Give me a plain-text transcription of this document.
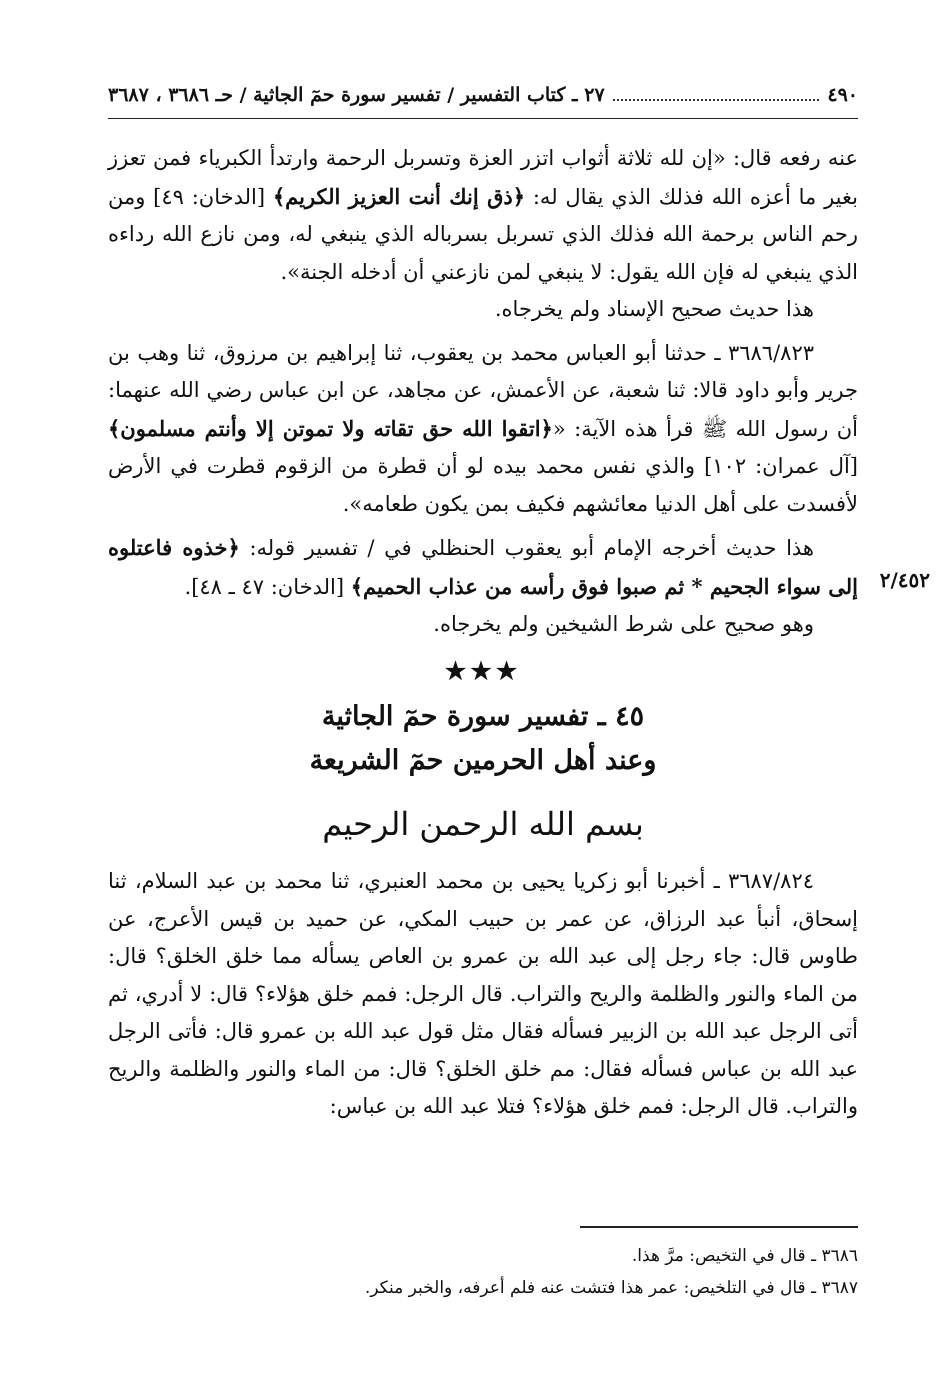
٤٩٠
٢٧ ـ كتاب التفسير / تفسير سورة حمٓ الجاثية / حـ ٣٦٨٦ ، ٣٦٨٧
٢/٤٥٢

عنه رفعه قال: «إن لله ثلاثة أثواب اتزر العزة وتسربل الرحمة وارتدأ الكبرياء فمن تعزز بغير ما أعزه الله فذلك الذي يقال له: ﴿ذق إنك أنت العزيز الكريم﴾ [الدخان: ٤٩] ومن رحم الناس برحمة الله فذلك الذي تسربل بسرباله الذي ينبغي له، ومن نازع الله رداءه الذي ينبغي له فإن الله يقول: لا ينبغي لمن نازعني أن أدخله الجنة».

هذا حديث صحيح الإسناد ولم يخرجاه.

٣٦٨٦/٨٢٣ ـ حدثنا أبو العباس محمد بن يعقوب، ثنا إبراهيم بن مرزوق، ثنا وهب بن جرير وأبو داود قالا: ثنا شعبة، عن الأعمش، عن مجاهد، عن ابن عباس رضي الله عنهما: أن رسول الله ﷺ قرأ هذه الآية: «﴿اتقوا الله حق تقاته ولا تموتن إلا وأنتم مسلمون﴾ [آل عمران: ١٠٢] والذي نفس محمد بيده لو أن قطرة من الزقوم قطرت في الأرض لأفسدت على أهل الدنيا معائشهم فكيف بمن يكون طعامه».

هذا حديث أخرجه الإمام أبو يعقوب الحنظلي في / تفسير قوله: ﴿خذوه فاعتلوه إلى سواء الجحيم * ثم صبوا فوق رأسه من عذاب الحميم﴾ [الدخان: ٤٧ ـ ٤٨].

وهو صحيح على شرط الشيخين ولم يخرجاه.

★★★
٤٥ ـ تفسير سورة حمٓ الجاثية
وعند أهل الحرمين حمٓ الشريعة
بسم الله الرحمن الرحيم

٣٦٨٧/٨٢٤ ـ أخبرنا أبو زكريا يحيى بن محمد العنبري، ثنا محمد بن عبد السلام، ثنا إسحاق، أنبأ عبد الرزاق، عن عمر بن حبيب المكي، عن حميد بن قيس الأعرج، عن طاوس قال: جاء رجل إلى عبد الله بن عمرو بن العاص يسأله مما خلق الخلق؟ قال: من الماء والنور والظلمة والريح والتراب. قال الرجل: فمم خلق هؤلاء؟ قال: لا أدري، ثم أتى الرجل عبد الله بن الزبير فسأله فقال مثل قول عبد الله بن عمرو قال: فأتى الرجل عبد الله بن عباس فسأله فقال: مم خلق الخلق؟ قال: من الماء والنور والظلمة والريح والتراب. قال الرجل: فمم خلق هؤلاء؟ فتلا عبد الله بن عباس:

٣٦٨٦ ـ قال في التخيص: مرَّ هذا.

٣٦٨٧ ـ قال في التلخيص: عمر هذا فتشت عنه فلم أعرفه، والخبر منكر.
